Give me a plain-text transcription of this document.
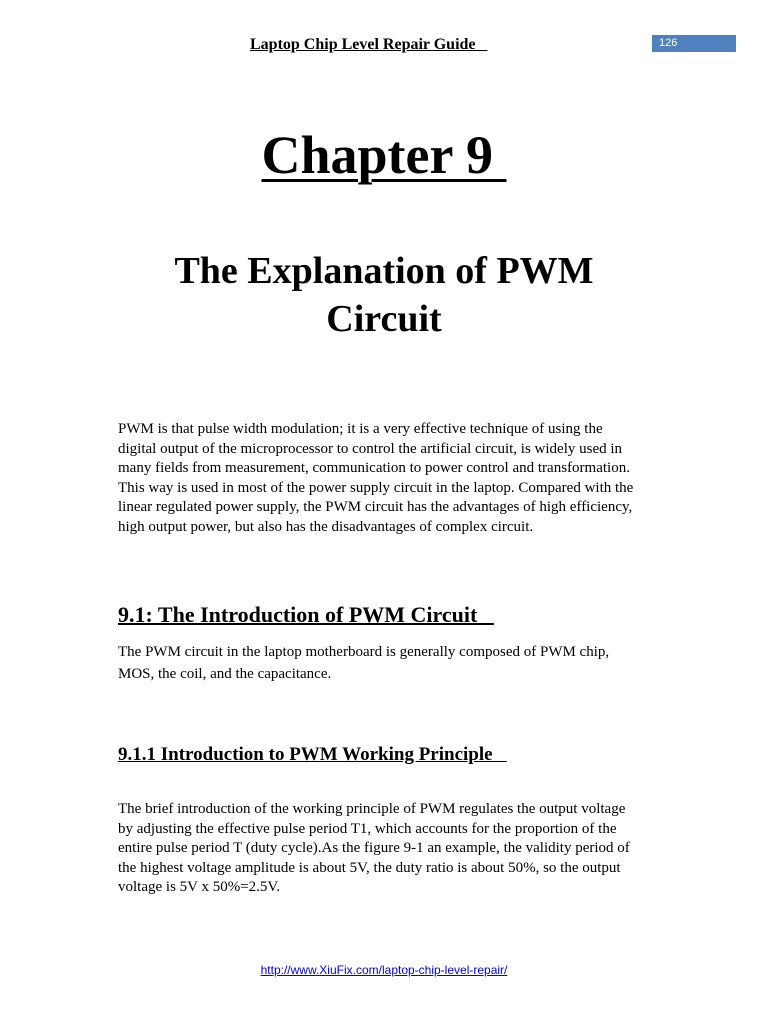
Laptop Chip Level Repair Guide	126
Chapter 9
The Explanation of PWM
Circuit
PWM is that pulse width modulation; it is a very effective technique of using the digital output of the microprocessor to control the artificial circuit, is widely used in many fields from measurement, communication to power control and transformation. This way is used in most of the power supply circuit in the laptop. Compared with the linear regulated power supply, the PWM circuit has the advantages of high efficiency, high output power, but also has the disadvantages of complex circuit.
9.1: The Introduction of PWM Circuit
The PWM circuit in the laptop motherboard is generally composed of PWM chip, MOS, the coil, and the capacitance.
9.1.1 Introduction to PWM Working Principle
The brief introduction of the working principle of PWM regulates the output voltage by adjusting the effective pulse period T1, which accounts for the proportion of the entire pulse period T (duty cycle).As the figure 9-1 an example, the validity period of the highest voltage amplitude is about 5V, the duty ratio is about 50%, so the output voltage is 5V x 50%=2.5V.
http://www.XiuFix.com/laptop-chip-level-repair/
